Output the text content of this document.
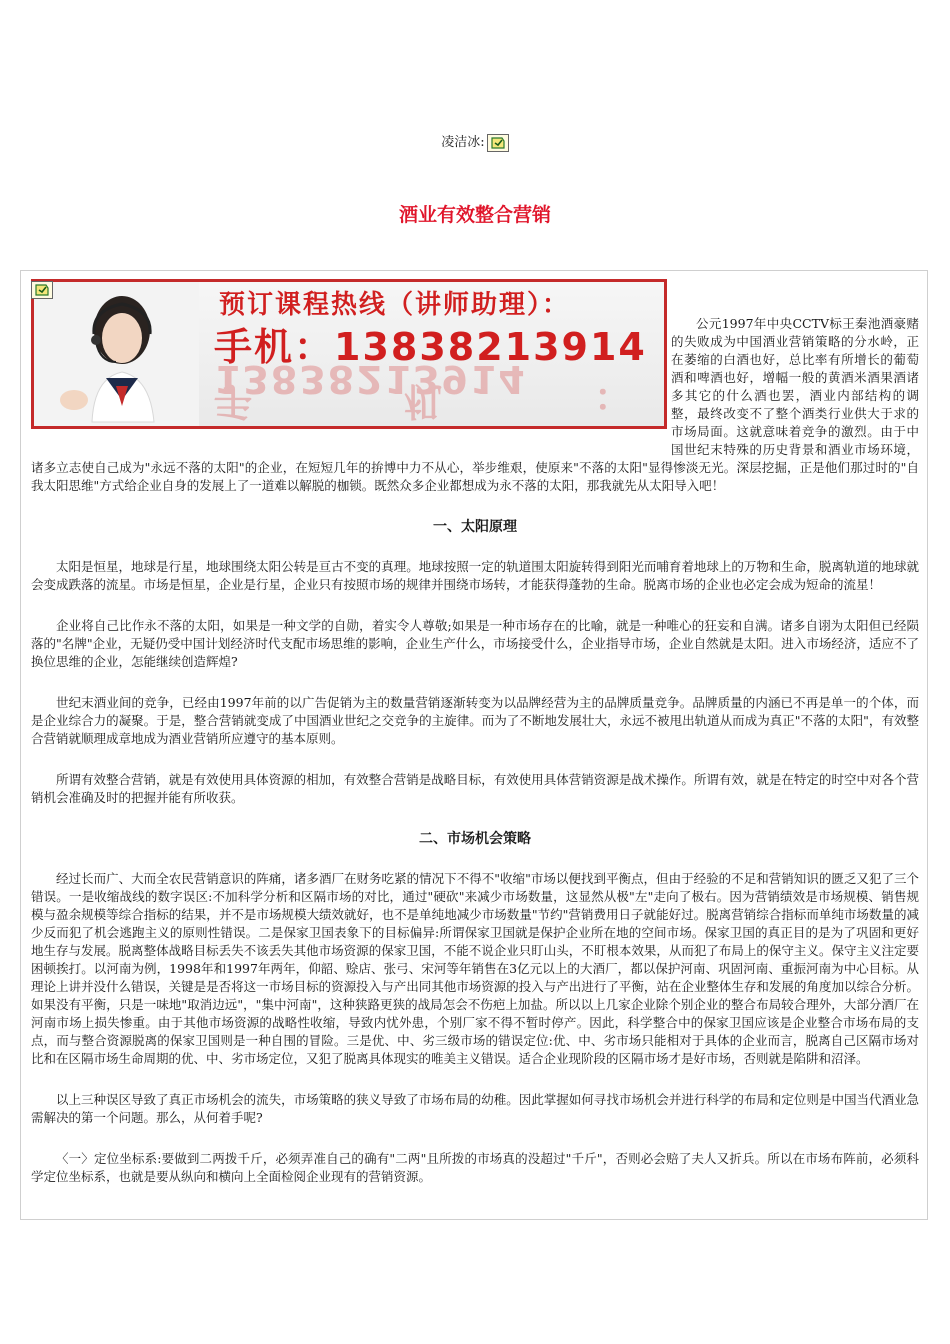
凌洁冰:
酒业有效整合营销
预订课程热线（讲师助理）：
手机：13838213914
手机：13838213914

公元1997年中央CCTV标王秦池酒豪赌的失败成为中国酒业营销策略的分水岭，正在萎缩的白酒也好，总比率有所增长的葡萄酒和啤酒也好，增幅一般的黄酒米酒果酒诸多其它的什么酒也罢，酒业内部结构的调整，最终改变不了整个酒类行业供大于求的市场局面。这就意味着竞争的激烈。由于中国世纪末特殊的历史背景和酒业市场环境，诸多立志使自己成为"永远不落的太阳"的企业，在短短几年的拚博中力不从心，举步维艰，使原来"不落的太阳"显得惨淡无光。深层挖掘，正是他们那过时的"自我太阳思维"方式给企业自身的发展上了一道难以解脱的枷锁。既然众多企业都想成为永不落的太阳，那我就先从太阳导入吧！

一、太阳原理

太阳是恒星，地球是行星，地球围绕太阳公转是亘古不变的真理。地球按照一定的轨道围太阳旋转得到阳光而哺育着地球上的万物和生命，脱离轨道的地球就会变成跌落的流星。市场是恒星，企业是行星，企业只有按照市场的规律并围绕市场转，才能获得蓬勃的生命。脱离市场的企业也必定会成为短命的流星！

企业将自己比作永不落的太阳，如果是一种文学的自勋，着实令人尊敬;如果是一种市场存在的比喻，就是一种唯心的狂妄和自满。诸多自诩为太阳但已经陨落的"名牌"企业，无疑仍受中国计划经济时代支配市场思维的影响，企业生产什么，市场接受什么，企业指导市场，企业自然就是太阳。进入市场经济，适应不了换位思维的企业，怎能继续创造辉煌?

世纪末酒业间的竞争，已经由1997年前的以广告促销为主的数量营销逐渐转变为以品牌经营为主的品牌质量竞争。品牌质量的内涵已不再是单一的个体，而是企业综合力的凝聚。于是，整合营销就变成了中国酒业世纪之交竞争的主旋律。而为了不断地发展壮大，永远不被甩出轨道从而成为真正"不落的太阳"，有效整合营销就顺理成章地成为酒业营销所应遵守的基本原则。

所谓有效整合营销，就是有效使用具体资源的相加，有效整合营销是战略目标，有效使用具体营销资源是战术操作。所谓有效，就是在特定的时空中对各个营销机会准确及时的把握并能有所收获。

二、市场机会策略

经过长而广、大而全农民营销意识的阵痛，诸多酒厂在财务吃紧的情况下不得不"收缩"市场以便找到平衡点，但由于经验的不足和营销知识的匮乏又犯了三个错误。一是收缩战线的数字误区:不加科学分析和区隔市场的对比，通过"硬砍"来减少市场数量，这显然从极"左"走向了极右。因为营销绩效是市场规模、销售规模与盈余规模等综合指标的结果，并不是市场规模大绩效就好，也不是单纯地减少市场数量"节约"营销费用日子就能好过。脱离营销综合指标而单纯市场数量的减少反而犯了机会逃跑主义的原则性错误。二是保家卫国表象下的目标偏异:所谓保家卫国就是保护企业所在地的空间市场。保家卫国的真正目的是为了巩固和更好地生存与发展。脱离整体战略目标丢失不该丢失其他市场资源的保家卫国，不能不说企业只盯山头，不盯根本效果，从而犯了布局上的保守主义。保守主义注定要困顿挨打。以河南为例，1998年和1997年两年，仰韶、赊店、张弓、宋河等年销售在3亿元以上的大酒厂，都以保护河南、巩固河南、重振河南为中心目标。从理论上讲并没什么错误，关键是是否将这一市场目标的资源投入与产出同其他市场资源的投入与产出进行了平衡，站在企业整体生存和发展的角度加以综合分析。如果没有平衡，只是一味地"取消边远"，"集中河南"，这种狭路更狭的战局怎会不伤疤上加盐。所以以上几家企业除个别企业的整合布局较合理外，大部分酒厂在河南市场上损失惨重。由于其他市场资源的战略性收缩，导致内忧外患，个别厂家不得不暂时停产。因此，科学整合中的保家卫国应该是企业整合市场布局的支点，而与整合资源脱离的保家卫国则是一种自围的冒险。三是优、中、劣三级市场的错误定位:优、中、劣市场只能相对于具体的企业而言，脱离自己区隔市场对比和在区隔市场生命周期的优、中、劣市场定位，又犯了脱离具体现实的唯美主义错误。适合企业现阶段的区隔市场才是好市场，否则就是陷阱和沼泽。

以上三种误区导致了真正市场机会的流失，市场策略的狭义导致了市场布局的幼稚。因此掌握如何寻找市场机会并进行科学的布局和定位则是中国当代酒业急需解决的第一个问题。那么，从何着手呢?

〈一〉定位坐标系:要做到二两拨千斤，必须弄准自己的确有"二两"且所拨的市场真的没超过"千斤"，否则必会赔了夫人又折兵。所以在市场布阵前，必须科学定位坐标系，也就是要从纵向和横向上全面检阅企业现有的营销资源。
